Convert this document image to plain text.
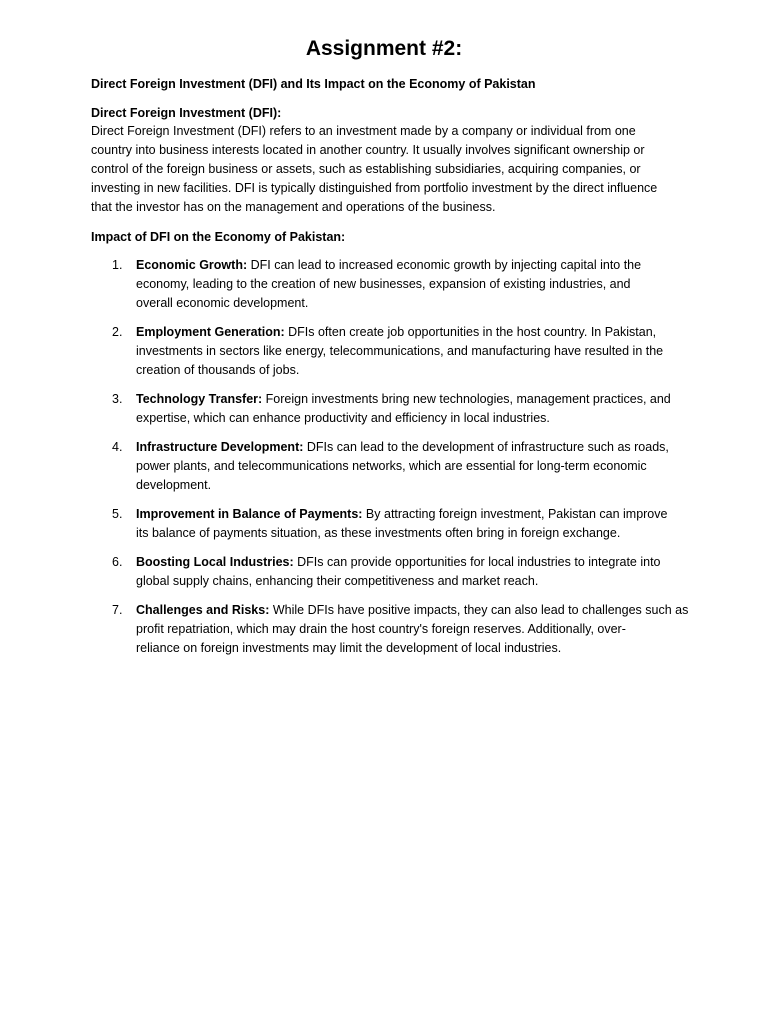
Assignment #2:
Direct Foreign Investment (DFI) and Its Impact on the Economy of Pakistan
Direct Foreign Investment (DFI):
Direct Foreign Investment (DFI) refers to an investment made by a company or individual from one
country into business interests located in another country. It usually involves significant ownership or
control of the foreign business or assets, such as establishing subsidiaries, acquiring companies, or
investing in new facilities. DFI is typically distinguished from portfolio investment by the direct influence
that the investor has on the management and operations of the business.
Impact of DFI on the Economy of Pakistan:
1. Economic Growth: DFI can lead to increased economic growth by injecting capital into the
economy, leading to the creation of new businesses, expansion of existing industries, and
overall economic development.
2. Employment Generation: DFIs often create job opportunities in the host country. In Pakistan,
investments in sectors like energy, telecommunications, and manufacturing have resulted in the
creation of thousands of jobs.
3. Technology Transfer: Foreign investments bring new technologies, management practices, and
expertise, which can enhance productivity and efficiency in local industries.
4. Infrastructure Development: DFIs can lead to the development of infrastructure such as roads,
power plants, and telecommunications networks, which are essential for long-term economic
development.
5. Improvement in Balance of Payments: By attracting foreign investment, Pakistan can improve
its balance of payments situation, as these investments often bring in foreign exchange.
6. Boosting Local Industries: DFIs can provide opportunities for local industries to integrate into
global supply chains, enhancing their competitiveness and market reach.
7. Challenges and Risks: While DFIs have positive impacts, they can also lead to challenges such as
profit repatriation, which may drain the host country's foreign reserves. Additionally, over-
reliance on foreign investments may limit the development of local industries.
